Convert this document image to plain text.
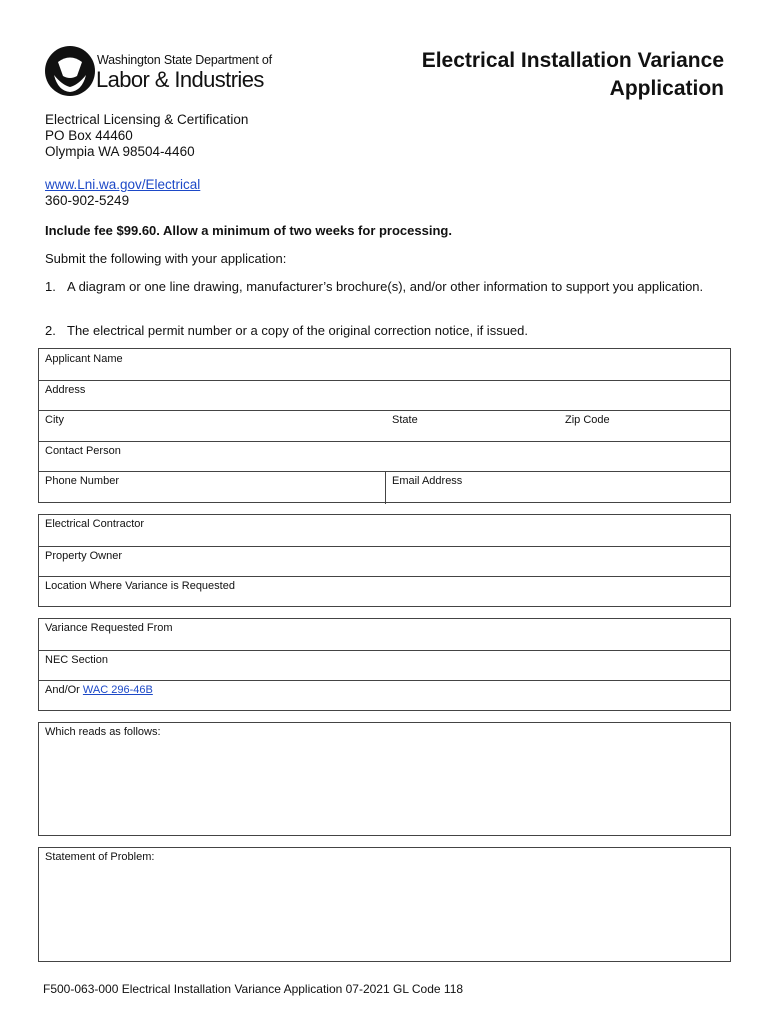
Washington State Department of
Labor & Industries
Electrical Installation Variance
Application
Electrical Licensing & Certification
PO Box 44460
Olympia WA 98504-4460
www.Lni.wa.gov/Electrical
360-902-5249
Include fee $99.60. Allow a minimum of two weeks for processing.
Submit the following with your application:
1. A diagram or one line drawing, manufacturer’s brochure(s), and/or other information to support you application.
2. The electrical permit number or a copy of the original correction notice, if issued.
Applicant Name
Address
City	State	Zip Code
Contact Person
Phone Number	Email Address
Electrical Contractor
Property Owner
Location Where Variance is Requested
Variance Requested From
NEC Section
And/Or WAC 296-46B
Which reads as follows:
Statement of Problem:
F500-063-000 Electrical Installation Variance Application 07-2021 GL Code 118
